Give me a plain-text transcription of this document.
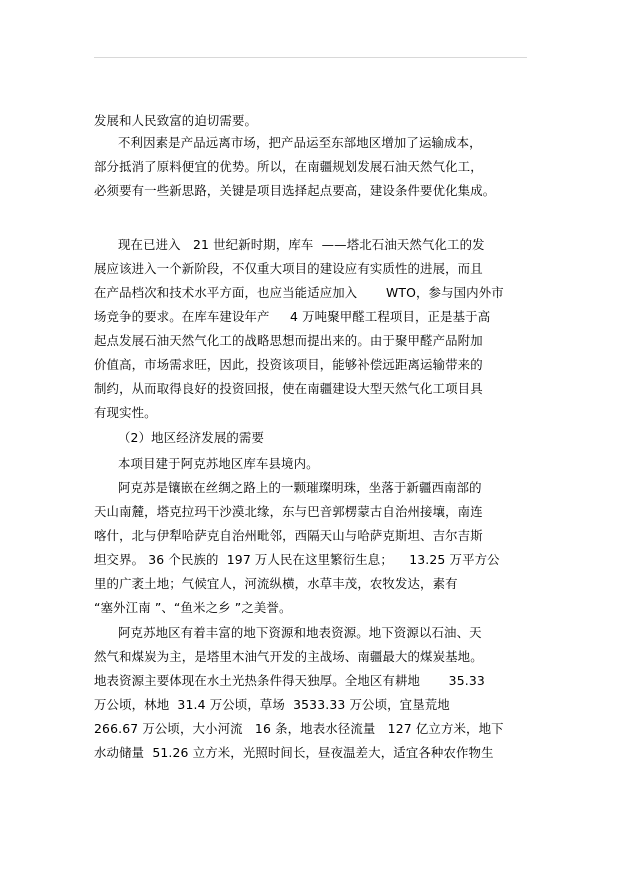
发展和人民致富的迫切需要。
不利因素是产品远离市场，把产品运至东部地区增加了运输成本，
部分抵消了原料便宜的优势。所以，在南疆规划发展石油天然气化工，
必须要有一些新思路，关键是项目选择起点要高，建设条件要优化集成。
现在已进入   21 世纪新时期，库车  ——塔北石油天然气化工的发
展应该进入一个新阶段，不仅重大项目的建设应有实质性的进展，而且
在产品档次和技术水平方面，也应当能适应加入       WTO，参与国内外市
场竞争的要求。在库车建设年产     4 万吨聚甲醛工程项目，正是基于高
起点发展石油天然气化工的战略思想而提出来的。由于聚甲醛产品附加
价值高，市场需求旺，因此，投资该项目，能够补偿远距离运输带来的
制约，从而取得良好的投资回报，使在南疆建设大型天然气化工项目具
有现实性。
（2）地区经济发展的需要
本项目建于阿克苏地区库车县境内。
阿克苏是镶嵌在丝绸之路上的一颗璀璨明珠，坐落于新疆西南部的
天山南麓，塔克拉玛干沙漠北缘，东与巴音郭楞蒙古自治州接壤，南连
喀什，北与伊犁哈萨克自治州毗邻，西隔天山与哈萨克斯坦、吉尔吉斯
坦交界。 36 个民族的  197 万人民在这里繁衍生息；    13.25 万平方公
里的广袤土地；气候宜人，河流纵横，水草丰茂，农牧发达，素有
“塞外江南 ”、“鱼米之乡 ”之美誉。
阿克苏地区有着丰富的地下资源和地表资源。地下资源以石油、天
然气和煤炭为主，是塔里木油气开发的主战场、南疆最大的煤炭基地。
地表资源主要体现在水土光热条件得天独厚。全地区有耕地       35.33
万公顷，林地  31.4 万公顷，草场  3533.33 万公顷，宜垦荒地
266.67 万公顷，大小河流   16 条，地表水径流量   127 亿立方米，地下
水动储量  51.26 立方米，光照时间长，昼夜温差大，适宜各种农作物生
